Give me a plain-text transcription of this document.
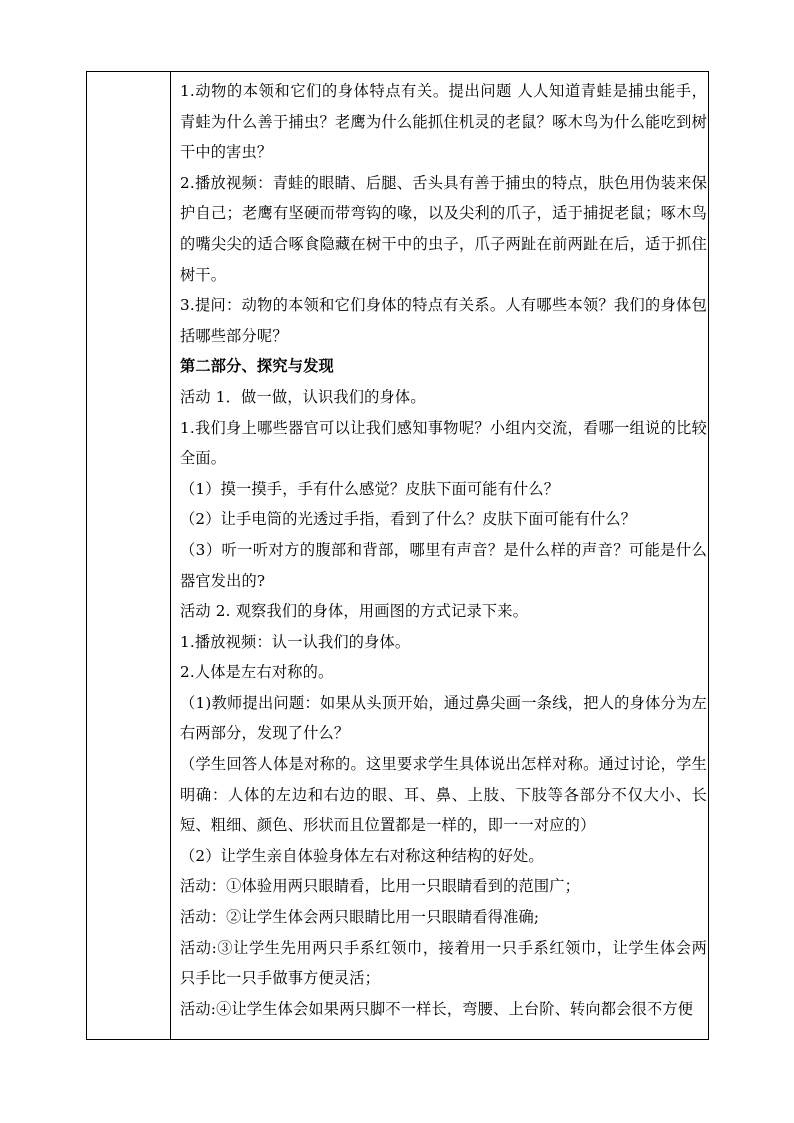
1.动物的本领和它们的身体特点有关。提出问题 人人知道青蛙是捕虫能手，青蛙为什么善于捕虫？老鹰为什么能抓住机灵的老鼠？啄木鸟为什么能吃到树干中的害虫？

2.播放视频：青蛙的眼睛、后腿、舌头具有善于捕虫的特点，肤色用伪装来保护自己；老鹰有坚硬而带弯钩的喙，以及尖利的爪子，适于捕捉老鼠；啄木鸟的嘴尖尖的适合啄食隐藏在树干中的虫子，爪子两趾在前两趾在后，适于抓住树干。

3.提问：动物的本领和它们身体的特点有关系。人有哪些本领？我们的身体包括哪些部分呢？

第二部分、探究与发现

活动 1．做一做，认识我们的身体。

1.我们身上哪些器官可以让我们感知事物呢？小组内交流，看哪一组说的比较全面。

（1）摸一摸手，手有什么感觉？皮肤下面可能有什么？

（2）让手电筒的光透过手指，看到了什么？皮肤下面可能有什么？

（3）听一听对方的腹部和背部，哪里有声音？是什么样的声音？可能是什么器官发出的?

活动 2. 观察我们的身体，用画图的方式记录下来。

1.播放视频：认一认我们的身体。

2.人体是左右对称的。

（1)教师提出问题：如果从头顶开始，通过鼻尖画一条线，把人的身体分为左右两部分，发现了什么？

（学生回答人体是对称的。这里要求学生具体说出怎样对称。通过讨论，学生明确：人体的左边和右边的眼、耳、鼻、上肢、下肢等各部分不仅大小、长短、粗细、颜色、形状而且位置都是一样的，即一一对应的）

（2）让学生亲自体验身体左右对称这种结构的好处。

活动：①体验用两只眼睛看，比用一只眼睛看到的范围广；

活动：②让学生体会两只眼睛比用一只眼睛看得准确;

活动:③让学生先用两只手系红领巾，接着用一只手系红领巾，让学生体会两只手比一只手做事方便灵活；

活动:④让学生体会如果两只脚不一样长，弯腰、上台阶、转向都会很不方便
